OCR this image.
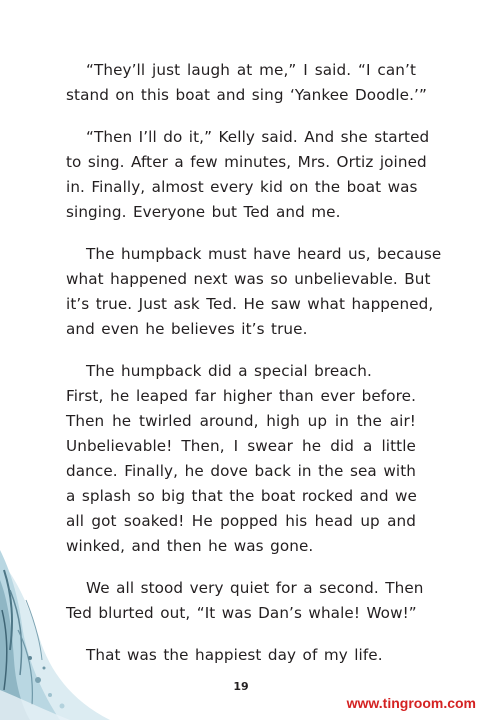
“They’ll just laugh at me,” I said. “I can’t
stand on this boat and sing ‘Yankee Doodle.’”

“Then I’ll do it,” Kelly said. And she started
to sing. After a few minutes, Mrs. Ortiz joined
in. Finally, almost every kid on the boat was
singing. Everyone but Ted and me.

The humpback must have heard us, because
what happened next was so unbelievable. But
it’s true. Just ask Ted. He saw what happened,
and even he believes it’s true.

The humpback did a special breach.
First, he leaped far higher than ever before.
Then he twirled around, high up in the air!
Unbelievable! Then, I swear he did a little
dance. Finally, he dove back in the sea with
a splash so big that the boat rocked and we
all got soaked! He popped his head up and
winked, and then he was gone.

We all stood very quiet for a second. Then
Ted blurted out, “It was Dan’s whale! Wow!”

That was the happiest day of my life.

19
www.tingroom.com
